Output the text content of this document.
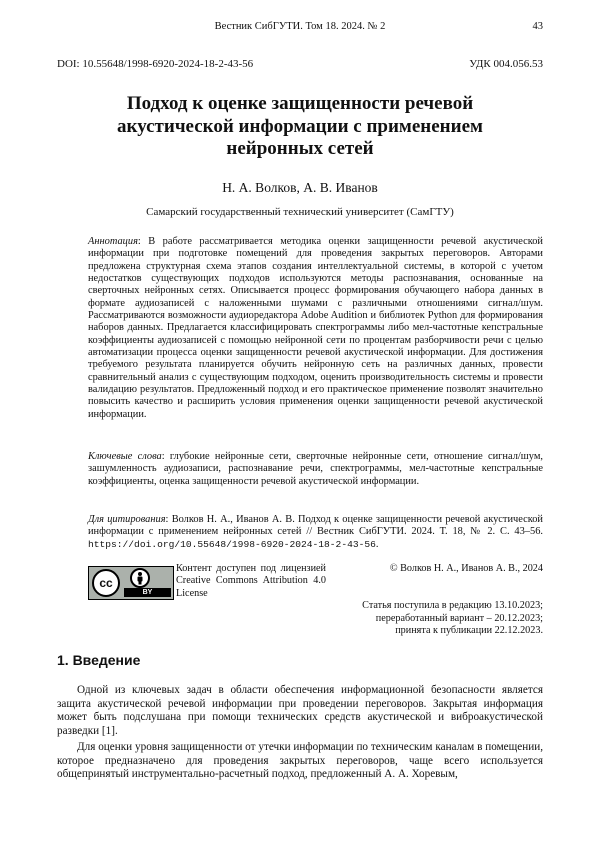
Вестник СибГУТИ. Том 18. 2024. № 2	43
DOI: 10.55648/1998-6920-2024-18-2-43-56	УДК 004.056.53
Подход к оценке защищенности речевой акустической информации с применением нейронных сетей
Н. А. Волков, А. В. Иванов
Самарский государственный технический университет (СамГТУ)
Аннотация: В работе рассматривается методика оценки защищенности речевой акустической информации при подготовке помещений для проведения закрытых переговоров. Авторами предложена структурная схема этапов создания интеллектуальной системы, в которой с учетом недостатков существующих подходов используются методы распознавания, основанные на сверточных нейронных сетях. Описывается процесс формирования обучающего набора данных в формате аудиозаписей с наложенными шумами с различными отношениями сигнал/шум. Рассматриваются возможности аудиоредактора Adobe Audition и библиотек Python для формирования наборов данных. Предлагается классифицировать спектрограммы либо мел-частотные кепстральные коэффициенты аудиозаписей с помощью нейронной сети по процентам разборчивости речи с целью автоматизации процесса оценки защищенности речевой акустической информации. Для достижения требуемого результата планируется обучить нейронную сеть на различных данных, провести сравнительный анализ с существующим подходом, оценить производительность системы и провести валидацию результатов. Предложенный подход и его практическое применение позволят значительно повысить качество и расширить условия применения оценки защищенности речевой акустической информации.
Ключевые слова: глубокие нейронные сети, сверточные нейронные сети, отношение сигнал/шум, зашумленность аудиозаписи, распознавание речи, спектрограммы, мел-частотные кепстральные коэффициенты, оценка защищенности речевой акустической информации.
Для цитирования: Волков Н. А., Иванов А. В. Подход к оценке защищенности речевой акустической информации с применением нейронных сетей // Вестник СибГУТИ. 2024. Т. 18, № 2. С. 43–56. https://doi.org/10.55648/1998-6920-2024-18-2-43-56.
cc
BY
Контент доступен под лицензией Creative Commons Attribution 4.0 License
© Волков Н. А., Иванов А. В., 2024
Статья поступила в редакцию 13.10.2023;
переработанный вариант – 20.12.2023;
принята к публикации 22.12.2023.
1. Введение

Одной из ключевых задач в области обеспечения информационной безопасности является защита акустической речевой информации при проведении переговоров. Закрытая информация может быть подслушана при помощи технических средств акустической и виброакустической разведки [1].

Для оценки уровня защищенности от утечки информации по техническим каналам в помещении, которое предназначено для проведения закрытых переговоров, чаще всего используется общепринятый инструментально-расчетный подход, предложенный А. А. Хоревым,
